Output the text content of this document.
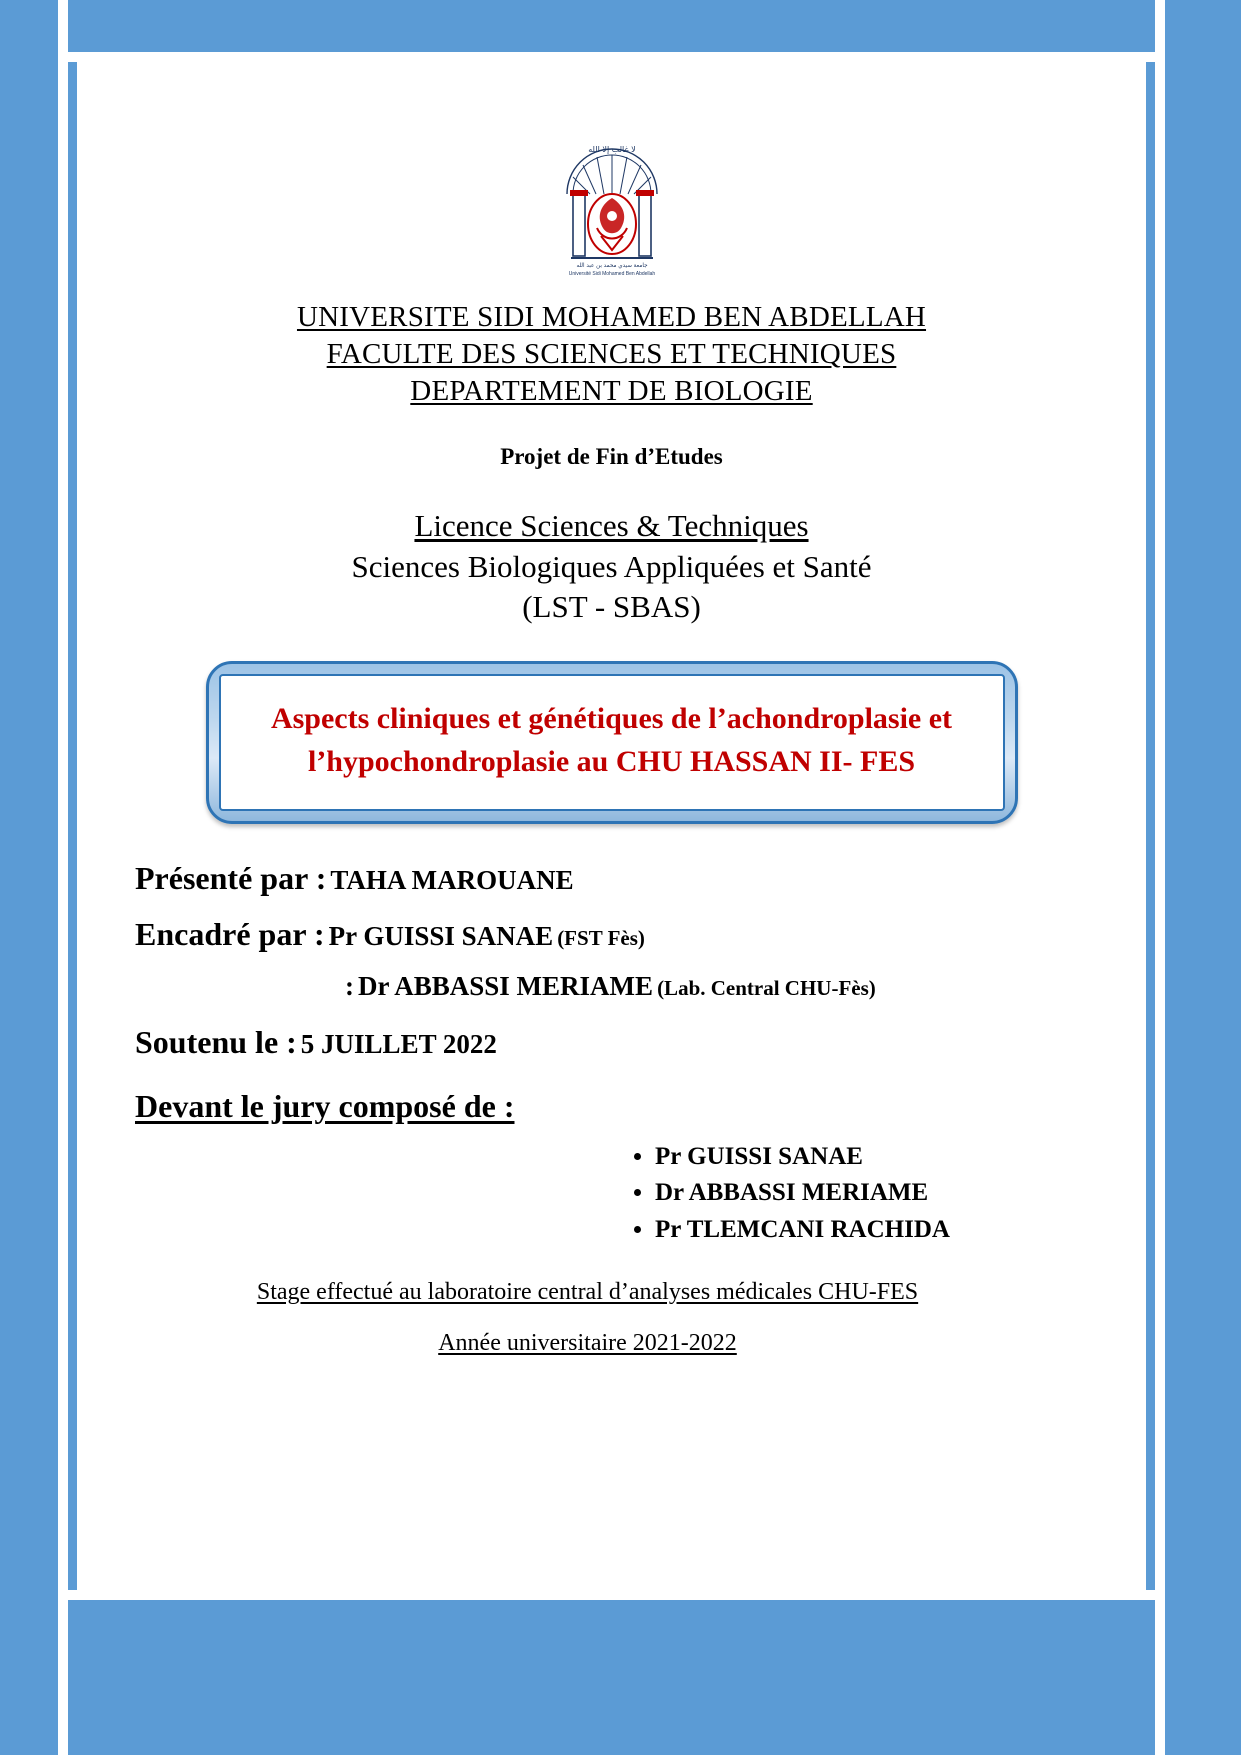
ﻻ ﻏﺎﻟﺐ ﺇﻻ ﺍﻟﻠﻪ
ﺟﺎﻣﻌﺔ ﺳﻴﺪﻱ ﻣﺤﻤﺪ ﺑﻦ ﻋﺒﺪ ﺍﻟﻠﻪ
Université Sidi Mohamed Ben Abdellah
UNIVERSITE SIDI MOHAMED BEN ABDELLAH
FACULTE DES SCIENCES ET TECHNIQUES
DEPARTEMENT DE BIOLOGIE
Projet de Fin d’Etudes
Licence Sciences & Techniques
Sciences Biologiques Appliquées et Santé
(LST - SBAS)
Aspects cliniques et génétiques de l’achondroplasie et l’hypochondroplasie au CHU HASSAN II- FES
Présenté par : TAHA MAROUANE
Encadré par : Pr GUISSI SANAE (FST Fès)
: Dr ABBASSI MERIAME (Lab. Central CHU-Fès)
Soutenu le : 5 JUILLET 2022
Devant le jury composé de :
• Pr GUISSI SANAE
• Dr ABBASSI MERIAME
• Pr TLEMCANI RACHIDA
Stage effectué au laboratoire central d’analyses médicales CHU-FES
Année universitaire 2021-2022
